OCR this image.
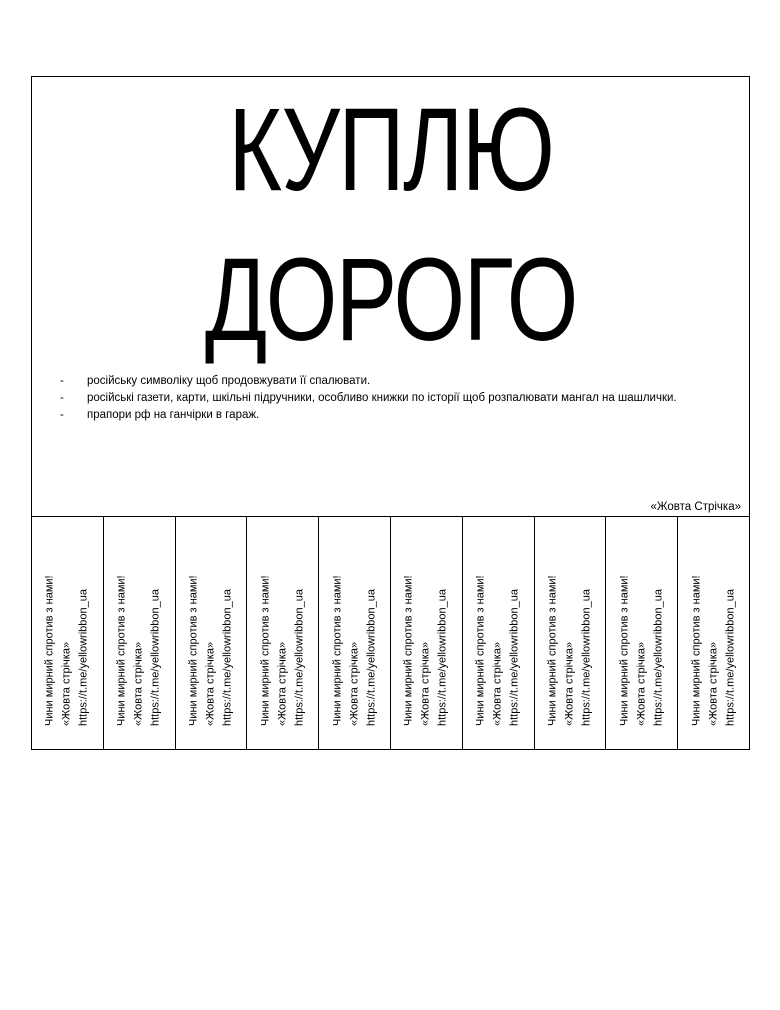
КУПЛЮ
ДОРОГО
- російську символіку щоб продовжувати її спалювати.
- російські газети, карти, шкільні підручники, особливо книжки по історії щоб розпалювати мангал на шашлички.
- прапори рф на ганчірки в гараж.
«Жовта Стрічка»
Чини мирний спротив з нами! «Жовта стрічка» https://t.me/yellowribbon_ua Чини мирний спротив з нами! «Жовта стрічка» https://t.me/yellowribbon_ua Чини мирний спротив з нами! «Жовта стрічка» https://t.me/yellowribbon_ua Чини мирний спротив з нами! «Жовта стрічка» https://t.me/yellowribbon_ua Чини мирний спротив з нами! «Жовта стрічка» https://t.me/yellowribbon_ua Чини мирний спротив з нами! «Жовта стрічка» https://t.me/yellowribbon_ua Чини мирний спротив з нами! «Жовта стрічка» https://t.me/yellowribbon_ua Чини мирний спротив з нами! «Жовта стрічка» https://t.me/yellowribbon_ua Чини мирний спротив з нами! «Жовта стрічка» https://t.me/yellowribbon_ua Чини мирний спротив з нами! «Жовта стрічка» https://t.me/yellowribbon_ua
